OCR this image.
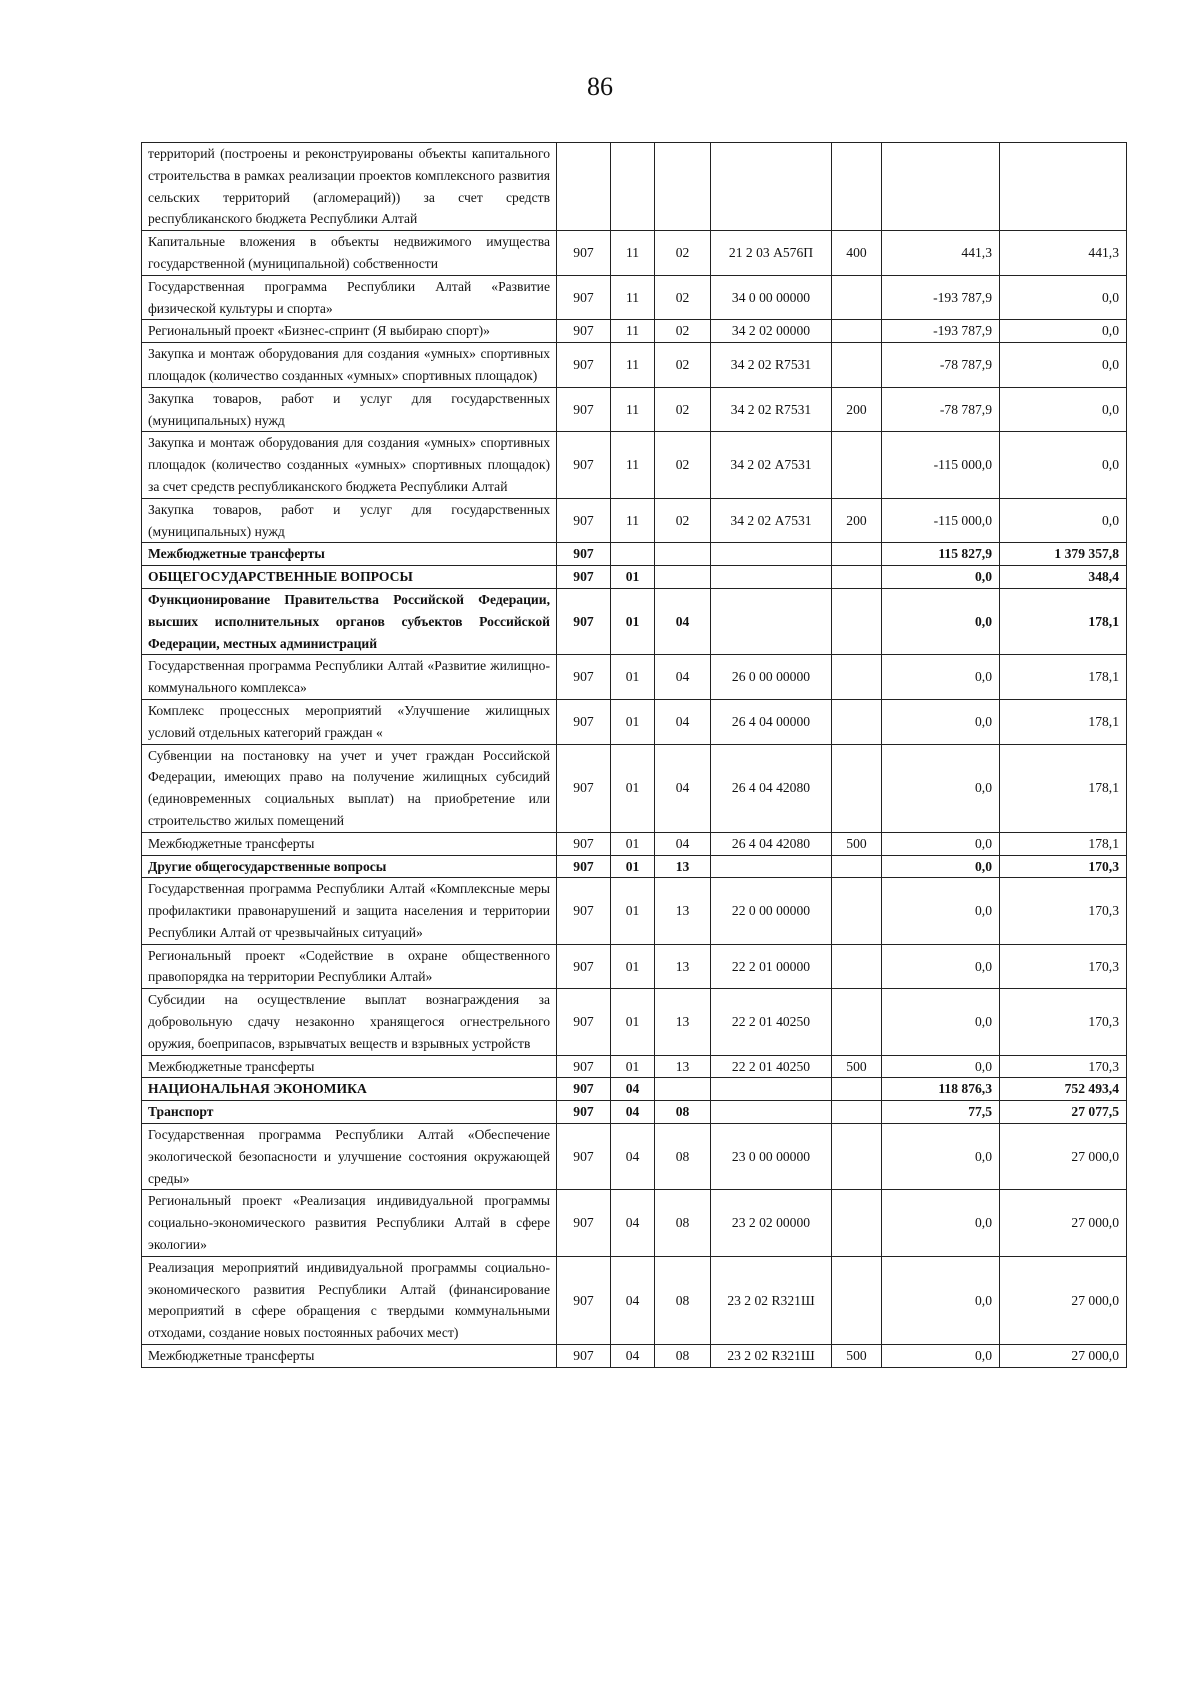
86
территорий (построены и реконструированы объекты капитального строительства в рамках реализации проектов комплексного развития сельских территорий (агломераций)) за счет средств республиканского бюджета Республики Алтай							
Капитальные вложения в объекты недвижимого имущества государственной (муниципальной) собственности	907	11	02	21 2 03 А576П	400	441,3	441,3
Государственная программа Республики Алтай «Развитие физической культуры и спорта»	907	11	02	34 0 00 00000		-193 787,9	0,0
Региональный проект «Бизнес-спринт (Я выбираю спорт)»	907	11	02	34 2 02 00000		-193 787,9	0,0
Закупка и монтаж оборудования для создания «умных» спортивных площадок (количество созданных «умных» спортивных площадок)	907	11	02	34 2 02 R7531		-78 787,9	0,0
Закупка товаров, работ и услуг для государственных (муниципальных) нужд	907	11	02	34 2 02 R7531	200	-78 787,9	0,0
Закупка и монтаж оборудования для создания «умных» спортивных площадок (количество созданных «умных» спортивных площадок) за счет средств республиканского бюджета Республики Алтай	907	11	02	34 2 02 А7531		-115 000,0	0,0
Закупка товаров, работ и услуг для государственных (муниципальных) нужд	907	11	02	34 2 02 А7531	200	-115 000,0	0,0
Межбюджетные трансферты	907					115 827,9	1 379 357,8
ОБЩЕГОСУДАРСТВЕННЫЕ ВОПРОСЫ	907	01				0,0	348,4
Функционирование Правительства Российской Федерации, высших исполнительных органов субъектов Российской Федерации, местных администраций	907	01	04			0,0	178,1
Государственная программа Республики Алтай «Развитие жилищно-коммунального комплекса»	907	01	04	26 0 00 00000		0,0	178,1
Комплекс процессных мероприятий «Улучшение жилищных условий отдельных категорий граждан «	907	01	04	26 4 04 00000		0,0	178,1
Субвенции на постановку на учет и учет граждан Российской Федерации, имеющих право на получение жилищных субсидий (единовременных социальных выплат) на приобретение или строительство жилых помещений	907	01	04	26 4 04 42080		0,0	178,1
Межбюджетные трансферты	907	01	04	26 4 04 42080	500	0,0	178,1
Другие общегосударственные вопросы	907	01	13			0,0	170,3
Государственная программа Республики Алтай «Комплексные меры профилактики правонарушений и защита населения и территории Республики Алтай от чрезвычайных ситуаций»	907	01	13	22 0 00 00000		0,0	170,3
Региональный проект «Содействие в охране общественного правопорядка на территории Республики Алтай»	907	01	13	22 2 01 00000		0,0	170,3
Субсидии на осуществление выплат вознаграждения за добровольную сдачу незаконно хранящегося огнестрельного оружия, боеприпасов, взрывчатых веществ и взрывных устройств	907	01	13	22 2 01 40250		0,0	170,3
Межбюджетные трансферты	907	01	13	22 2 01 40250	500	0,0	170,3
НАЦИОНАЛЬНАЯ ЭКОНОМИКА	907	04				118 876,3	752 493,4
Транспорт	907	04	08			77,5	27 077,5
Государственная программа Республики Алтай «Обеспечение экологической безопасности и улучшение состояния окружающей среды»	907	04	08	23 0 00 00000		0,0	27 000,0
Региональный проект «Реализация индивидуальной программы социально-экономического развития Республики Алтай в сфере экологии»	907	04	08	23 2 02 00000		0,0	27 000,0
Реализация мероприятий индивидуальной программы социально-экономического развития Республики Алтай (финансирование мероприятий в сфере обращения с твердыми коммунальными отходами, создание новых постоянных рабочих мест)	907	04	08	23 2 02 R321Ш		0,0	27 000,0
Межбюджетные трансферты	907	04	08	23 2 02 R321Ш	500	0,0	27 000,0
